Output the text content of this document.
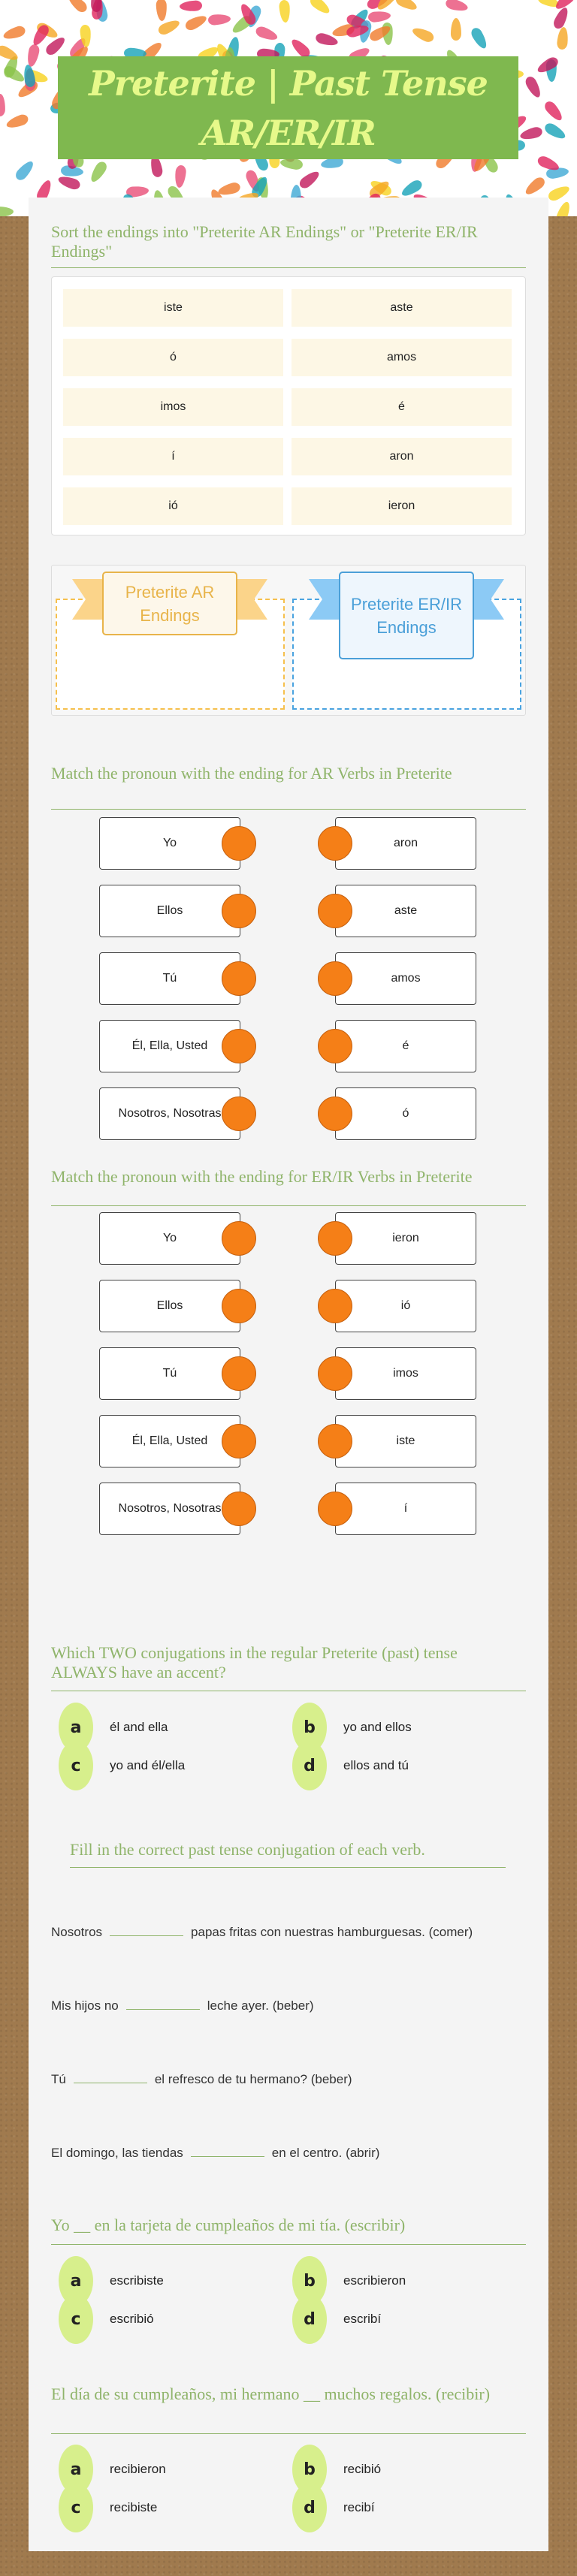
Preterite | Past Tense AR/ER/IR
Sort the endings into "Preterite AR Endings" or "Preterite ER/IR Endings"
iste	aste
ó	amos
imos	é
í	aron
ió	ieron
Preterite AR Endings
Preterite ER/IR Endings
Match the pronoun with the ending for AR Verbs in Preterite
Yo	aron
Ellos	aste
Tú	amos
Él, Ella, Usted	é
Nosotros, Nosotras	ó
Match the pronoun with the ending for ER/IR Verbs in Preterite
Yo	ieron
Ellos	ió
Tú	imos
Él, Ella, Usted	iste
Nosotros, Nosotras	í
Which TWO conjugations in the regular Preterite (past) tense ALWAYS have an accent?
a	él and ella	b	yo and ellos
c	yo and él/ella	d	ellos and tú
Fill in the correct past tense conjugation of each verb.
Nosotros	papas fritas con nuestras hamburguesas. (comer)
Mis hijos no	leche ayer. (beber)
Tú	el refresco de tu hermano? (beber)
El domingo, las tiendas	en el centro. (abrir)
Yo __ en la tarjeta de cumpleaños de mi tía. (escribir)
a	escribiste	b	escribieron
c	escribió	d	escribí
El día de su cumpleaños, mi hermano __ muchos regalos. (recibir)
a	recibieron	b	recibió
c	recibiste	d	recibí
